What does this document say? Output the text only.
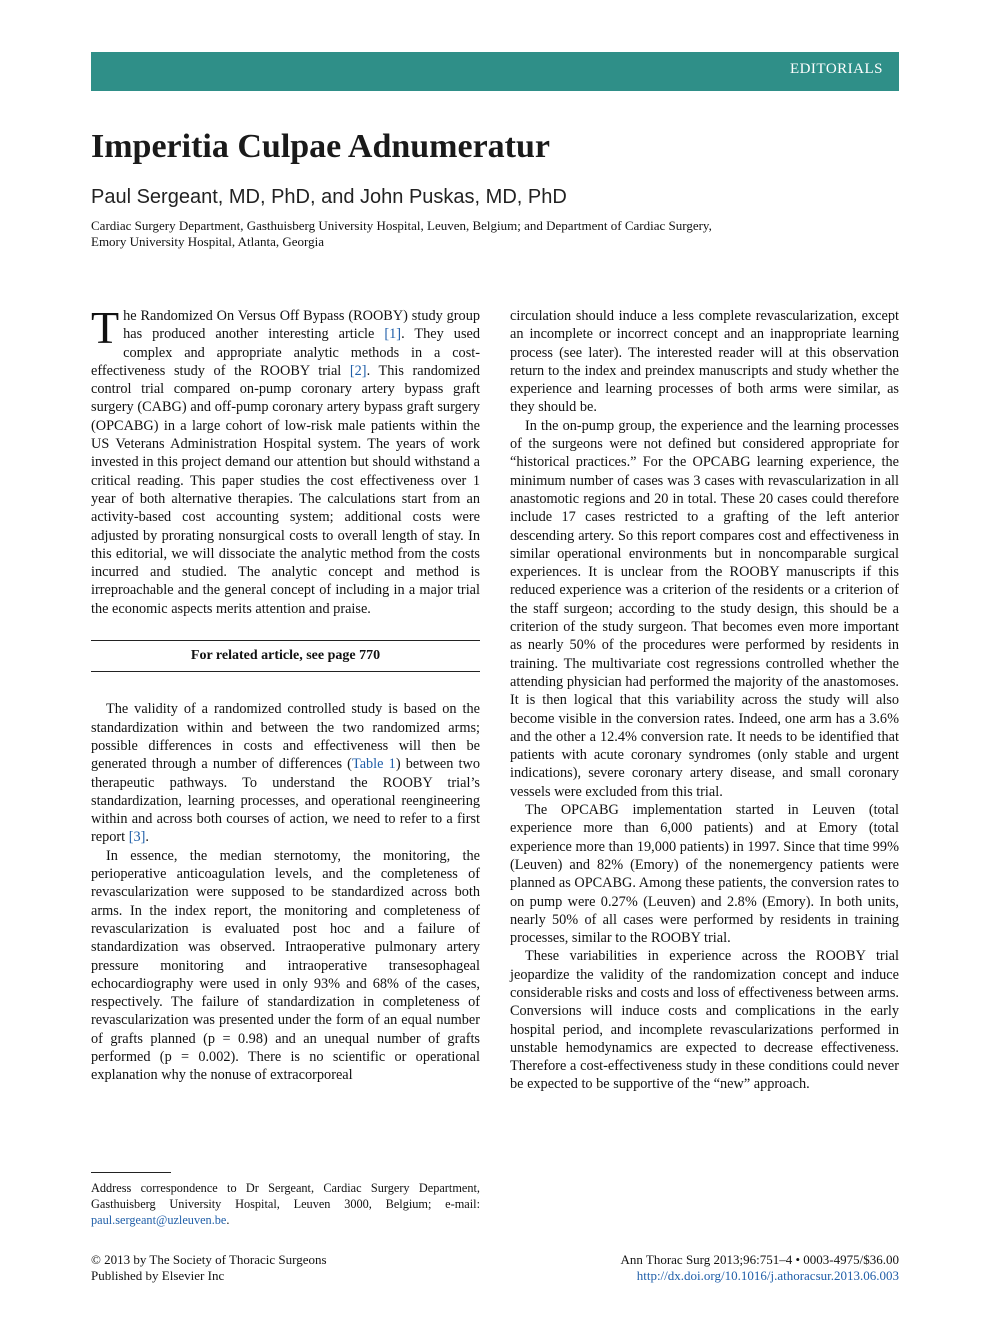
EDITORIALS
Imperitia Culpae Adnumeratur
Paul Sergeant, MD, PhD, and John Puskas, MD, PhD
Cardiac Surgery Department, Gasthuisberg University Hospital, Leuven, Belgium; and Department of Cardiac Surgery,
Emory University Hospital, Atlanta, Georgia

The Randomized On Versus Off Bypass (ROOBY) study group has produced another interesting article [1]. They used complex and appropriate analytic methods in a cost-effectiveness study of the ROOBY trial [2]. This randomized control trial compared on-pump coronary artery bypass graft surgery (CABG) and off-pump coronary artery bypass graft surgery (OPCABG) in a large cohort of low-risk male patients within the US Veterans Administration Hospital system. The years of work invested in this project demand our attention but should withstand a critical reading. This paper studies the cost effectiveness over 1 year of both alternative therapies. The calculations start from an activity-based cost accounting system; additional costs were adjusted by prorating nonsurgical costs to overall length of stay. In this editorial, we will dissociate the analytic method from the costs incurred and studied. The analytic concept and method is irreproachable and the general concept of including in a major trial the economic aspects merits attention and praise.

For related article, see page 770

The validity of a randomized controlled study is based on the standardization within and between the two randomized arms; possible differences in costs and effectiveness will then be generated through a number of differences (Table 1) between two therapeutic pathways. To understand the ROOBY trial’s standardization, learning processes, and operational reengineering within and across both courses of action, we need to refer to a first report [3].

In essence, the median sternotomy, the monitoring, the perioperative anticoagulation levels, and the completeness of revascularization were supposed to be standardized across both arms. In the index report, the monitoring and completeness of revascularization is evaluated post hoc and a failure of standardization was observed. Intraoperative pulmonary artery pressure monitoring and intraoperative transesophageal echocardiography were used in only 93% and 68% of the cases, respectively. The failure of standardization in completeness of revascularization was presented under the form of an equal number of grafts planned (p = 0.98) and an unequal number of grafts performed (p = 0.002). There is no scientific or operational explanation why the nonuse of extracorporeal

circulation should induce a less complete revascularization, except an incomplete or incorrect concept and an inappropriate learning process (see later). The interested reader will at this observation return to the index and preindex manuscripts and study whether the experience and learning processes of both arms were similar, as they should be.

In the on-pump group, the experience and the learning processes of the surgeons were not defined but considered appropriate for “historical practices.” For the OPCABG learning experience, the minimum number of cases was 3 cases with revascularization in all anastomotic regions and 20 in total. These 20 cases could therefore include 17 cases restricted to a grafting of the left anterior descending artery. So this report compares cost and effectiveness in similar operational environments but in noncomparable surgical experiences. It is unclear from the ROOBY manuscripts if this reduced experience was a criterion of the residents or a criterion of the staff surgeon; according to the study design, this should be a criterion of the study surgeon. That becomes even more important as nearly 50% of the procedures were performed by residents in training. The multivariate cost regressions controlled whether the attending physician had performed the majority of the anastomoses. It is then logical that this variability across the study will also become visible in the conversion rates. Indeed, one arm has a 3.6% and the other a 12.4% conversion rate. It needs to be identified that patients with acute coronary syndromes (only stable and urgent indications), severe coronary artery disease, and small coronary vessels were excluded from this trial.

The OPCABG implementation started in Leuven (total experience more than 6,000 patients) and at Emory (total experience more than 19,000 patients) in 1997. Since that time 99% (Leuven) and 82% (Emory) of the nonemergency patients were planned as OPCABG. Among these patients, the conversion rates to on pump were 0.27% (Leuven) and 2.8% (Emory). In both units, nearly 50% of all cases were performed by residents in training processes, similar to the ROOBY trial.

These variabilities in experience across the ROOBY trial jeopardize the validity of the randomization concept and induce considerable risks and costs and loss of effectiveness between arms. Conversions will induce costs and complications in the early hospital period, and incomplete revascularizations performed in unstable hemodynamics are expected to decrease effectiveness. Therefore a cost-effectiveness study in these conditions could never be expected to be supportive of the “new” approach.

Address correspondence to Dr Sergeant, Cardiac Surgery Department, Gasthuisberg University Hospital, Leuven 3000, Belgium; e-mail: paul.sergeant@uzleuven.be.
© 2013 by The Society of Thoracic Surgeons
Published by Elsevier Inc
Ann Thorac Surg 2013;96:751–4 • 0003-4975/$36.00
http://dx.doi.org/10.1016/j.athoracsur.2013.06.003
